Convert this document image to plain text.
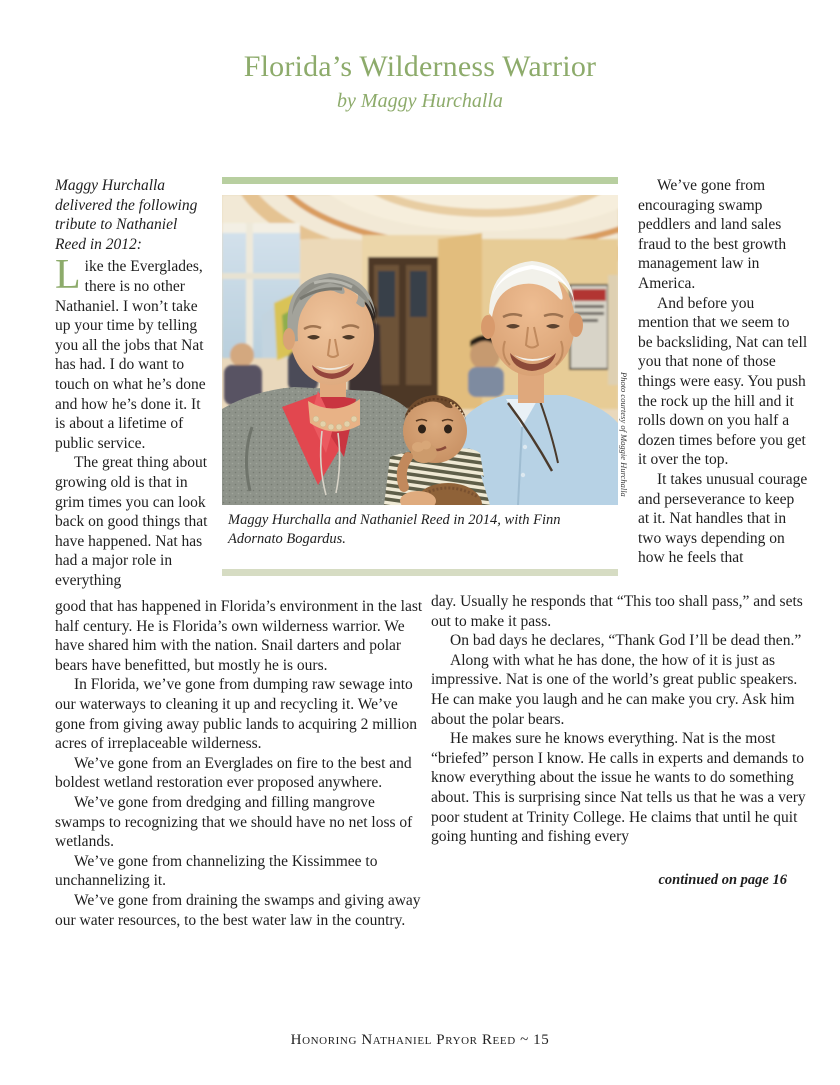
Florida’s Wilderness Warrior
by Maggy Hurchalla

Maggy Hurchalla delivered the following tribute to Nathaniel Reed in 2012:

Like the Everglades, there is no other Nathaniel. I won’t take up your time by telling you all the jobs that Nat has had. I do want to touch on what he’s done and how he’s done it. It is about a lifetime of public service.

The great thing about growing old is that in grim times you can look back on good things that have happened. Nat has had a major role in everything

Photo courtesy of Maggie Hurchalla
Maggy Hurchalla and Nathaniel Reed in 2014, with Finn Adornato Bogardus.

We’ve gone from encouraging swamp peddlers and land sales fraud to the best growth management law in America.

And before you mention that we seem to be backsliding, Nat can tell you that none of those things were easy. You push the rock up the hill and it rolls down on you half a dozen times before you get it over the top.

It takes unusual courage and perseverance to keep at it. Nat handles that in two ways depending on how he feels that

good that has happened in Florida’s environment in the last half century. He is Florida’s own wilderness warrior. We have shared him with the nation. Snail darters and polar bears have benefitted, but mostly he is ours.

In Florida, we’ve gone from dumping raw sewage into our waterways to cleaning it up and recycling it. We’ve gone from giving away public lands to acquiring 2 million acres of irreplaceable wilderness.

We’ve gone from an Everglades on fire to the best and boldest wetland restoration ever proposed anywhere.

We’ve gone from dredging and filling mangrove swamps to recognizing that we should have no net loss of wetlands.

We’ve gone from channelizing the Kissimmee to unchannelizing it.

We’ve gone from draining the swamps and giving away our water resources, to the best water law in the country.

day. Usually he responds that “This too shall pass,” and sets out to make it pass.

On bad days he declares, “Thank God I’ll be dead then.”

Along with what he has done, the how of it is just as impressive. Nat is one of the world’s great public speakers. He can make you laugh and he can make you cry. Ask him about the polar bears.

He makes sure he knows everything. Nat is the most “briefed” person I know. He calls in experts and demands to know everything about the issue he wants to do something about. This is surprising since Nat tells us that he was a very poor student at Trinity College. He claims that until he quit going hunting and fishing every

continued on page 16
Honoring Nathaniel Pryor Reed ~ 15
